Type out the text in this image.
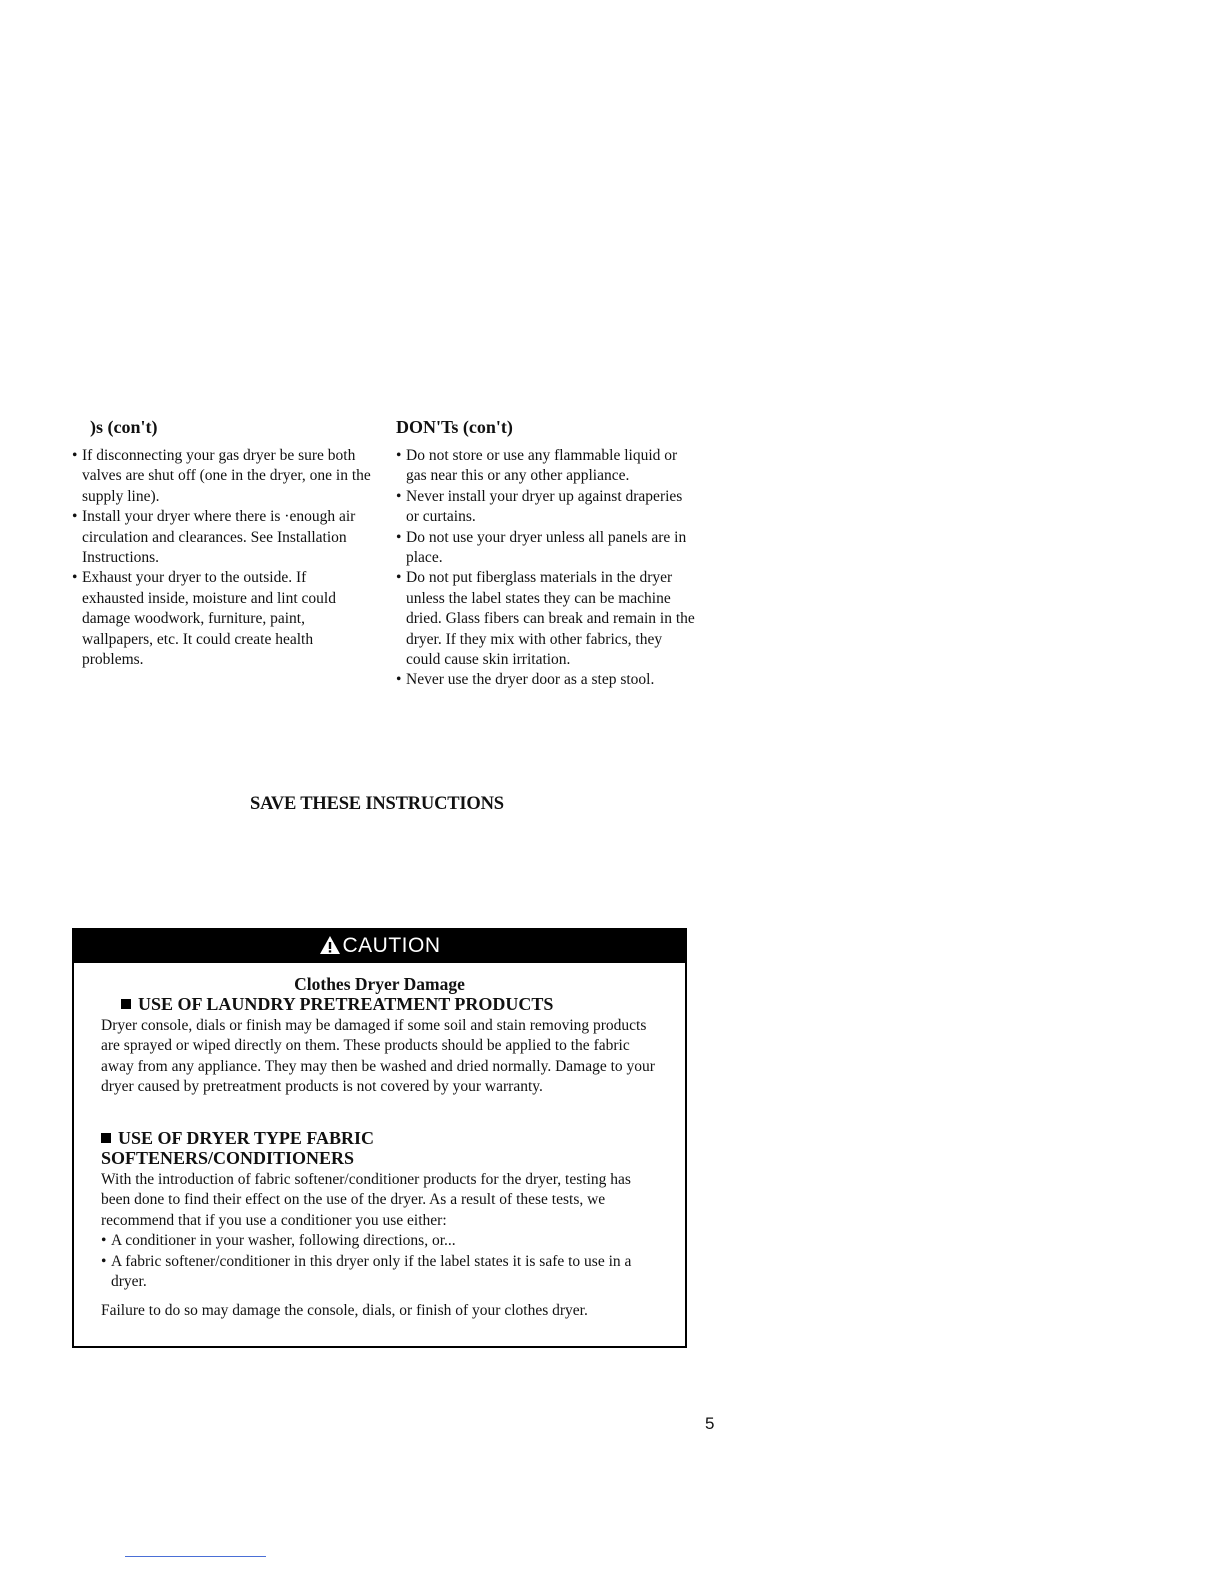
)s (con't)
• If disconnecting your gas dryer be sure both valves are shut off (one in the dryer, one in the supply line).
• Install your dryer where there is ·enough air circulation and clearances. See Installation Instructions.
• Exhaust your dryer to the outside. If exhausted inside, moisture and lint could damage woodwork, furniture, paint, wallpapers, etc. It could create health problems.
DON'Ts (con't)
• Do not store or use any flammable liquid or gas near this or any other appliance.
• Never install your dryer up against draperies or curtains.
• Do not use your dryer unless all panels are in place.
• Do not put fiberglass materials in the dryer unless the label states they can be machine dried. Glass fibers can break and remain in the dryer. If they mix with other fabrics, they could cause skin irritation.
• Never use the dryer door as a step stool.
SAVE THESE INSTRUCTIONS
CAUTION
Clothes Dryer Damage
USE OF LAUNDRY PRETREATMENT PRODUCTS

Dryer console, dials or finish may be damaged if some soil and stain removing products are sprayed or wiped directly on them. These products should be applied to the fabric away from any appliance. They may then be washed and dried normally. Damage to your dryer caused by pretreatment products is not covered by your warranty.

USE OF DRYER TYPE FABRIC
SOFTENERS/CONDITIONERS

With the introduction of fabric softener/conditioner products for the dryer, testing has been done to find their effect on the use of the dryer. As a result of these tests, we recommend that if you use a conditioner you use either:

• A conditioner in your washer, following directions, or...
• A fabric softener/conditioner in this dryer only if the label states it is safe to use in a dryer.

Failure to do so may damage the console, dials, or finish of your clothes dryer.

5
